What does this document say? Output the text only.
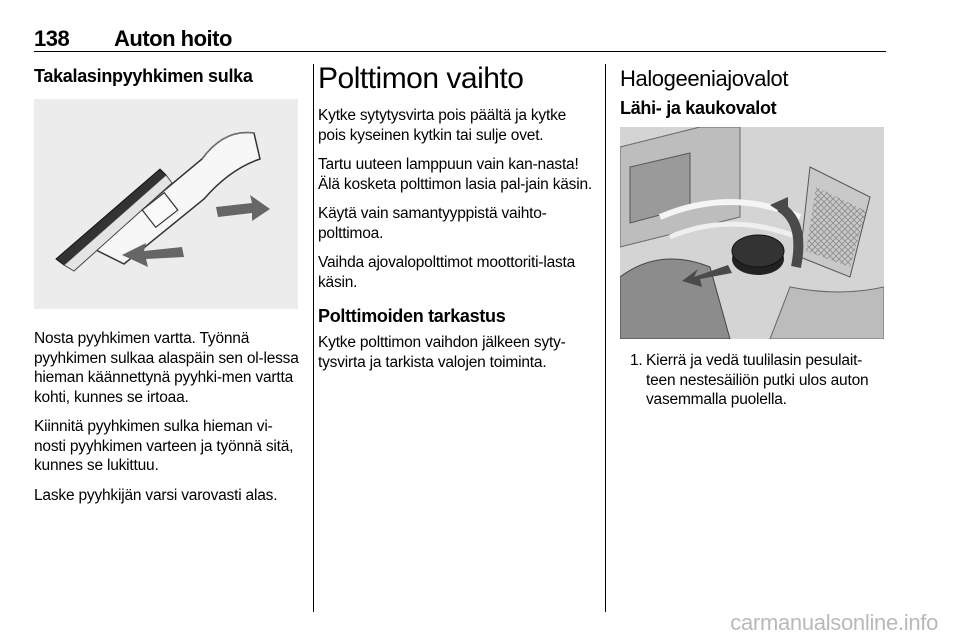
138 Auton hoito
Takalasinpyyhkimen sulka

Nosta pyyhkimen vartta. Työnnä pyyhkimen sulkaa alaspäin sen ol-lessa hieman käännettynä pyyhki-men vartta kohti, kunnes se irtoaa.

Kiinnitä pyyhkimen sulka hieman vi-nosti pyyhkimen varteen ja työnnä sitä, kunnes se lukittuu.

Laske pyyhkijän varsi varovasti alas.

Polttimon vaihto

Kytke sytytysvirta pois päältä ja kytke pois kyseinen kytkin tai sulje ovet.

Tartu uuteen lamppuun vain kan-nasta! Älä kosketa polttimon lasia pal-jain käsin.

Käytä vain samantyyppistä vaihto-polttimoa.

Vaihda ajovalopolttimot moottoriti-lasta käsin.

Polttimoiden tarkastus

Kytke polttimon vaihdon jälkeen syty-tysvirta ja tarkista valojen toiminta.

Halogeeniajovalot
Lähi- ja kaukovalot
1. Kierrä ja vedä tuulilasin pesulait-teen nestesäiliön putki ulos auton vasemmalla puolella.
carmanualsonline.info
